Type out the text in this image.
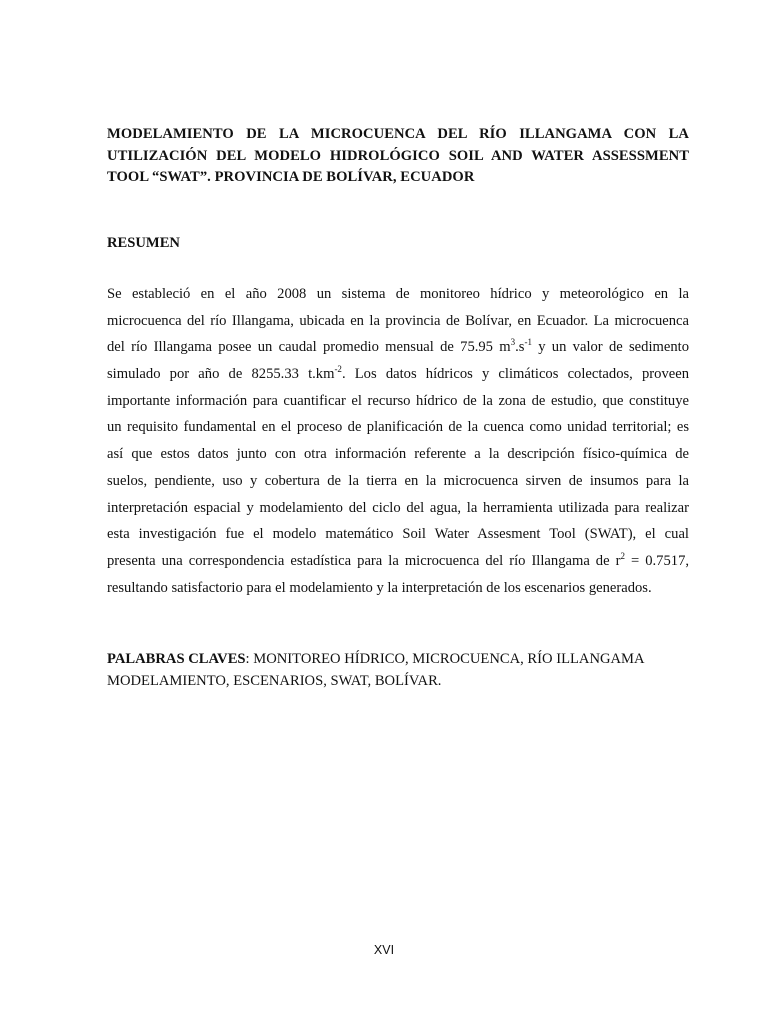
MODELAMIENTO DE LA MICROCUENCA DEL RÍO ILLANGAMA CON LA
UTILIZACIÓN DEL MODELO HIDROLÓGICO SOIL AND WATER ASSESSMENT
TOOL “SWAT”. PROVINCIA DE BOLÍVAR, ECUADOR
RESUMEN
Se estableció en el año 2008 un sistema de monitoreo hídrico y meteorológico en la
microcuenca del río Illangama, ubicada en la provincia de Bolívar, en Ecuador. La microcuenca
del río Illangama posee un caudal promedio mensual de 75.95 $m^3.s^{-1}$ y un valor de sedimento
simulado por año de 8255.33 $t.km^{-2}$. Los datos hídricos y climáticos colectados, proveen
importante información para cuantificar el recurso hídrico de la zona de estudio, que constituye
un requisito fundamental en el proceso de planificación de la cuenca como unidad territorial; es
así que estos datos junto con otra información referente a la descripción físico-química de
suelos, pendiente, uso y cobertura de la tierra en la microcuenca sirven de insumos para la
interpretación espacial y modelamiento del ciclo del agua, la herramienta utilizada para realizar
esta investigación fue el modelo matemático Soil Water Assesment Tool (SWAT), el cual
presenta una correspondencia estadística para la microcuenca del río Illangama de $r^2 = 0.7517$,
resultando satisfactorio para el modelamiento y la interpretación de los escenarios generados.
PALABRAS CLAVES: MONITOREO HÍDRICO, MICROCUENCA, RÍO ILLANGAMA
MODELAMIENTO, ESCENARIOS, SWAT, BOLÍVAR.
XVI
